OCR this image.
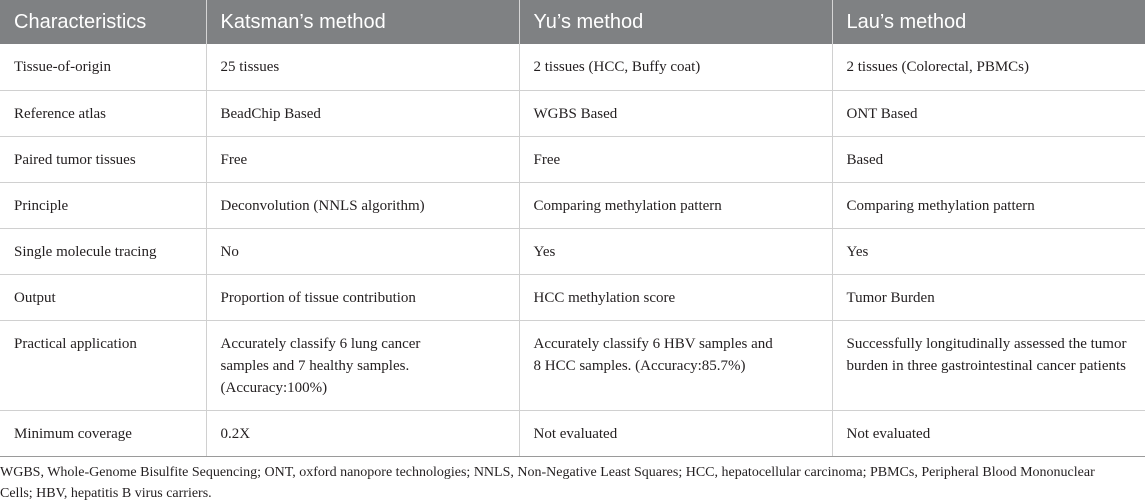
Characteristics	Katsman’s method	Yu’s method	Lau’s method
Tissue-of-origin	25 tissues	2 tissues (HCC, Buffy coat)	2 tissues (Colorectal, PBMCs)
Reference atlas	BeadChip Based	WGBS Based	ONT Based
Paired tumor tissues	Free	Free	Based
Principle	Deconvolution (NNLS algorithm)	Comparing methylation pattern	Comparing methylation pattern
Single molecule tracing	No	Yes	Yes
Output	Proportion of tissue contribution	HCC methylation score	Tumor Burden
Practical application	Accurately classify 6 lung cancer samples and 7 healthy samples. (Accuracy:100%)	Accurately classify 6 HBV samples and 8 HCC samples. (Accuracy:85.7%)	Successfully longitudinally assessed the tumor burden in three gastrointestinal cancer patients

Minimum coverage	0.2X	Not evaluated	Not evaluated
WGBS, Whole-Genome Bisulfite Sequencing; ONT, oxford nanopore technologies; NNLS, Non-Negative Least Squares; HCC, hepatocellular carcinoma; PBMCs, Peripheral Blood Mononuclear Cells; HBV, hepatitis B virus carriers.
